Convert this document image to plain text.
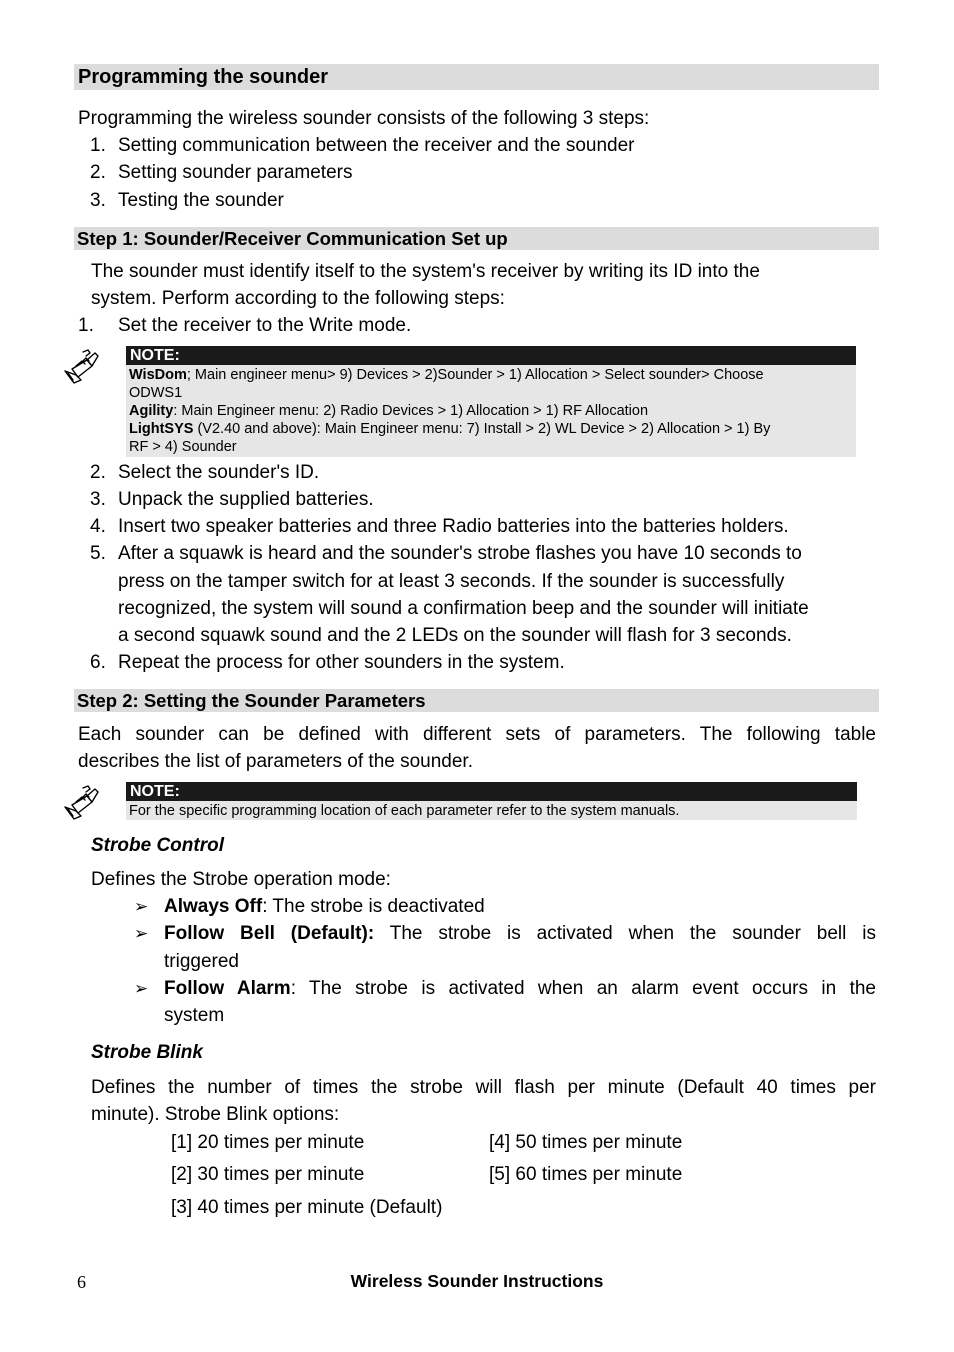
Programming the sounder
Programming the wireless sounder consists of the following 3 steps:
1. Setting communication between the receiver and the sounder
2. Setting sounder parameters
3. Testing the sounder
Step 1: Sounder/Receiver Communication Set up
The sounder must identify itself to the system's receiver by writing its ID into the
system. Perform according to the following steps:
1. Set the receiver to the Write mode.
NOTE:

WisDom; Main engineer menu> 9) Devices > 2)Sounder > 1) Allocation > Select sounder> Choose

ODWS1

Agility: Main Engineer menu: 2) Radio Devices > 1) Allocation > 1) RF Allocation

LightSYS (V2.40 and above): Main Engineer menu: 7) Install > 2) WL Device > 2) Allocation > 1) By

RF > 4) Sounder

2. Select the sounder's ID.
3. Unpack the supplied batteries.
4. Insert two speaker batteries and three Radio batteries into the batteries holders.
5. After a squawk is heard and the sounder's strobe flashes you have 10 seconds to
press on the tamper switch for at least 3 seconds. If the sounder is successfully
recognized, the system will sound a confirmation beep and the sounder will initiate
a second squawk sound and the 2 LEDs on the sounder will flash for 3 seconds.
6. Repeat the process for other sounders in the system.
Step 2: Setting the Sounder Parameters
Each sounder can be defined with different sets of parameters. The following table
describes the list of parameters of the sounder.
NOTE:

For the specific programming location of each parameter refer to the system manuals.

Strobe Control
Defines the Strobe operation mode:
➢ Always Off: The strobe is deactivated
➢ Follow Bell (Default): The strobe is activated when the sounder bell is
triggered
➢ Follow Alarm: The strobe is activated when an alarm event occurs in the
system
Strobe Blink
Defines the number of times the strobe will flash per minute (Default 40 times per
minute). Strobe Blink options:
[1] 20 times per minute	[4] 50 times per minute
[2] 30 times per minute	[5] 60 times per minute
[3] 40 times per minute (Default)
6	Wireless Sounder Instructions
